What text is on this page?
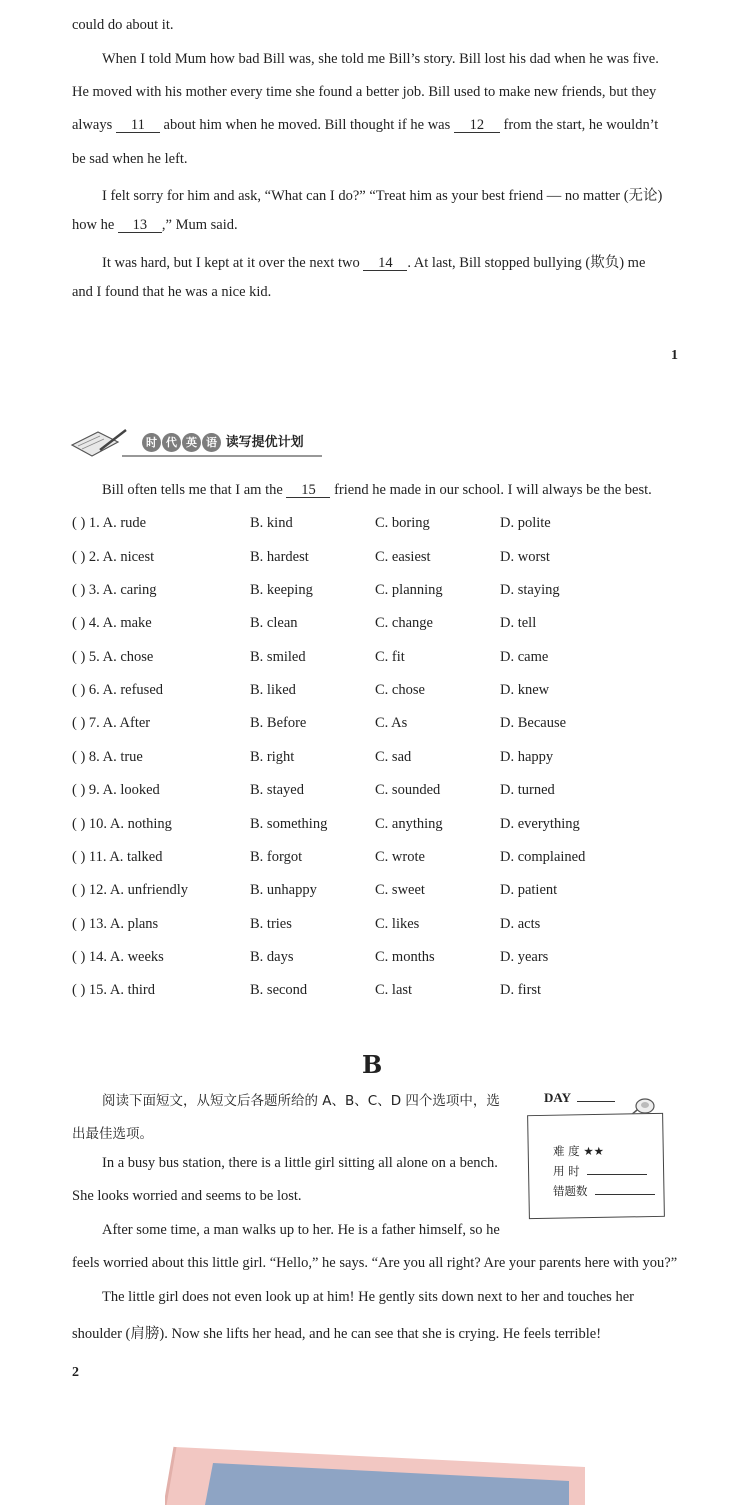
could do about it.
When I told Mum how bad Bill was, she told me Bill’s story. Bill lost his dad when he was five.
He moved with his mother every time she found a better job. Bill used to make new friends, but they
always 11 about him when he moved. Bill thought if he was 12 from the start, he wouldn’t
be sad when he left.
I felt sorry for him and ask, “What can I do?” “Treat him as your best friend — no matter (无论)
how he 13 ,” Mum said.
It was hard, but I kept at it over the next two 14 . At last, Bill stopped bullying (欺负) me
and I found that he was a nice kid.
1
时 代 英 语 读写提优计划
Bill often tells me that I am the 15 friend he made in our school. I will always be the best.
( ) 1. A. rude	B. kind	C. boring	D. polite
( ) 2. A. nicest	B. hardest	C. easiest	D. worst
( ) 3. A. caring	B. keeping	C. planning	D. staying
( ) 4. A. make	B. clean	C. change	D. tell
( ) 5. A. chose	B. smiled	C. fit	D. came
( ) 6. A. refused	B. liked	C. chose	D. knew
( ) 7. A. After	B. Before	C. As	D. Because
( ) 8. A. true	B. right	C. sad	D. happy
( ) 9. A. looked	B. stayed	C. sounded	D. turned
( ) 10. A. nothing	B. something	C. anything	D. everything
( ) 11. A. talked	B. forgot	C. wrote	D. complained
( ) 12. A. unfriendly	B. unhappy	C. sweet	D. patient
( ) 13. A. plans	B. tries	C. likes	D. acts
( ) 14. A. weeks	B. days	C. months	D. years
( ) 15. A. third	B. second	C. last	D. first
B
阅读下面短文，从短文后各题所给的 A、B、C、D 四个选项中，选
出最佳选项。
In a busy bus station, there is a little girl sitting all alone on a bench.
She looks worried and seems to be lost.
After some time, a man walks up to her. He is a father himself, so he
feels worried about this little girl. “Hello,” he says. “Are you all right? Are your parents here with you?”
The little girl does not even look up at him! He gently sits down next to her and touches her
shoulder (肩膀). Now she lifts her head, and he can see that she is crying. He feels terrible!
DAY
难 度 ★★
用 时
错题数
2
